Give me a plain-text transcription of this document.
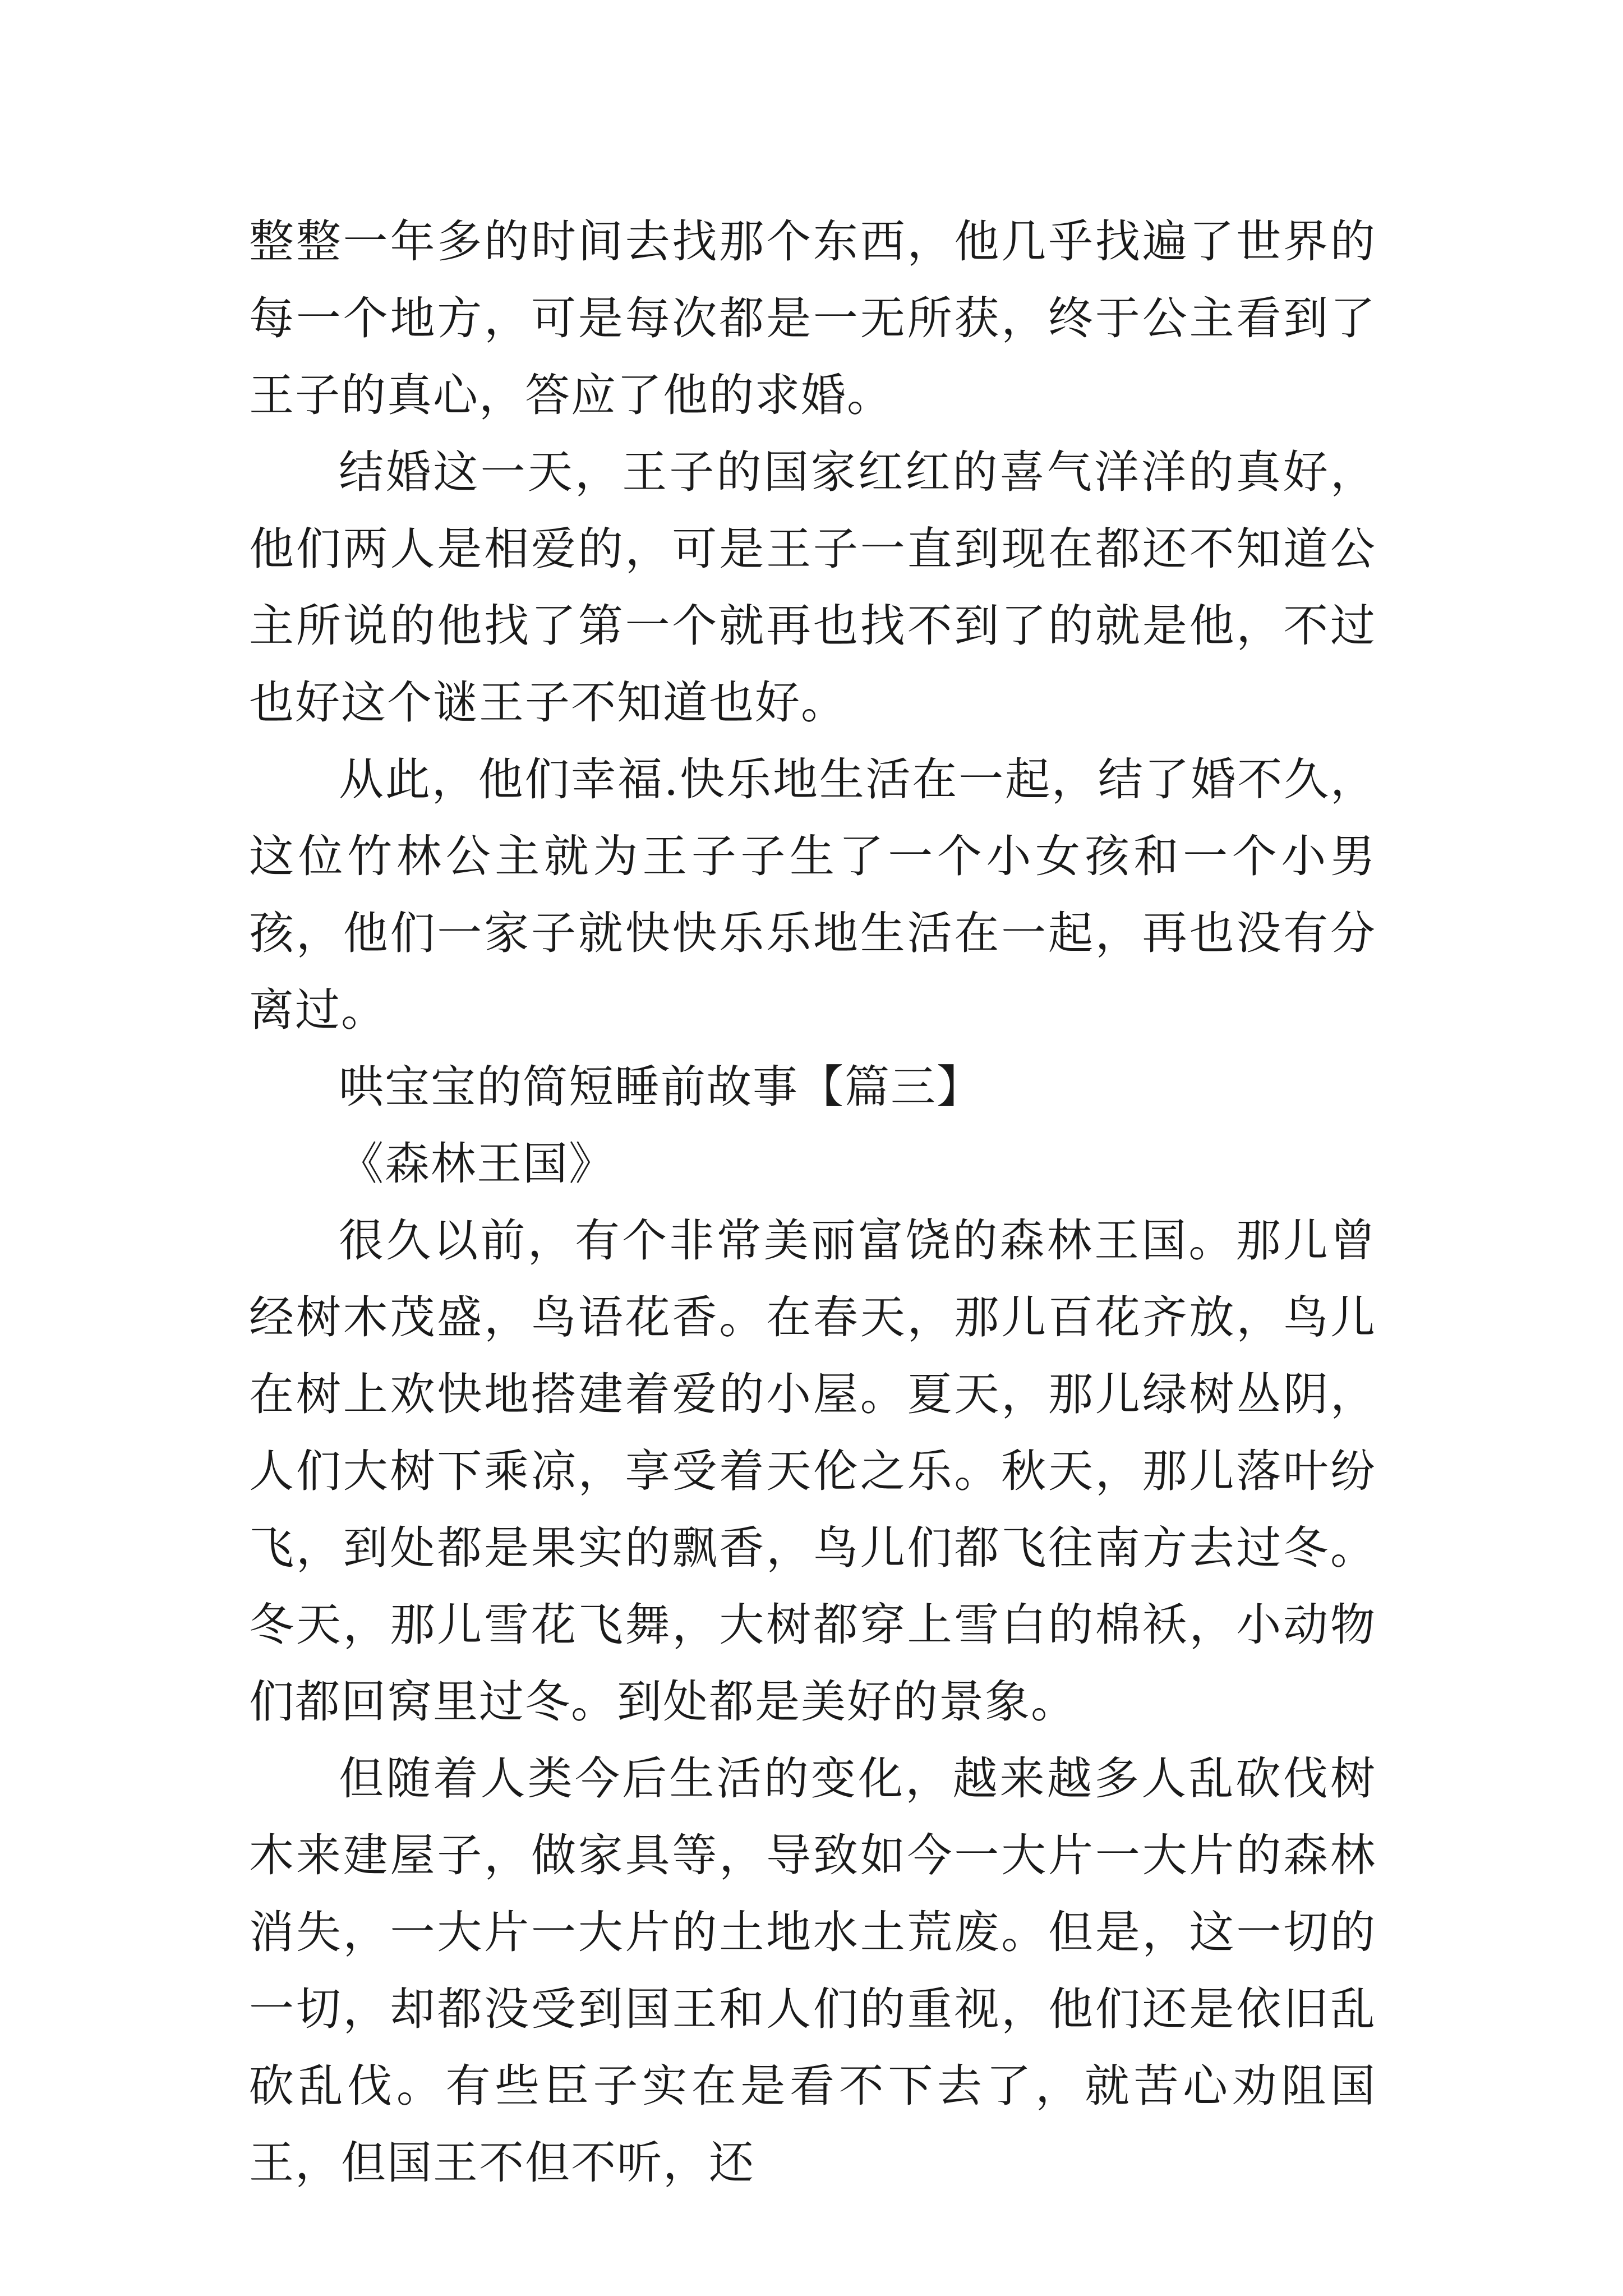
整整一年多的时间去找那个东西，他几乎找遍了世界的每一个地方，可是每次都是一无所获，终于公主看到了王子的真心，答应了他的求婚。

结婚这一天，王子的国家红红的喜气洋洋的真好，他们两人是相爱的，可是王子一直到现在都还不知道公主所说的他找了第一个就再也找不到了的就是他，不过也好这个谜王子不知道也好。

从此，他们幸福.快乐地生活在一起，结了婚不久，这位竹林公主就为王子子生了一个小女孩和一个小男孩，他们一家子就快快乐乐地生活在一起，再也没有分离过。

哄宝宝的简短睡前故事【篇三】

《森林王国》

很久以前，有个非常美丽富饶的森林王国。那儿曾经树木茂盛，鸟语花香。在春天，那儿百花齐放，鸟儿在树上欢快地搭建着爱的小屋。夏天，那儿绿树丛阴，人们大树下乘凉，享受着天伦之乐。秋天，那儿落叶纷飞，到处都是果实的飘香，鸟儿们都飞往南方去过冬。冬天，那儿雪花飞舞，大树都穿上雪白的棉袄，小动物们都回窝里过冬。到处都是美好的景象。

但随着人类今后生活的变化，越来越多人乱砍伐树木来建屋子，做家具等，导致如今一大片一大片的森林消失，一大片一大片的土地水土荒废。但是，这一切的一切，却都没受到国王和人们的重视，他们还是依旧乱砍乱伐。有些臣子实在是看不下去了，就苦心劝阻国王，但国王不但不听，还
